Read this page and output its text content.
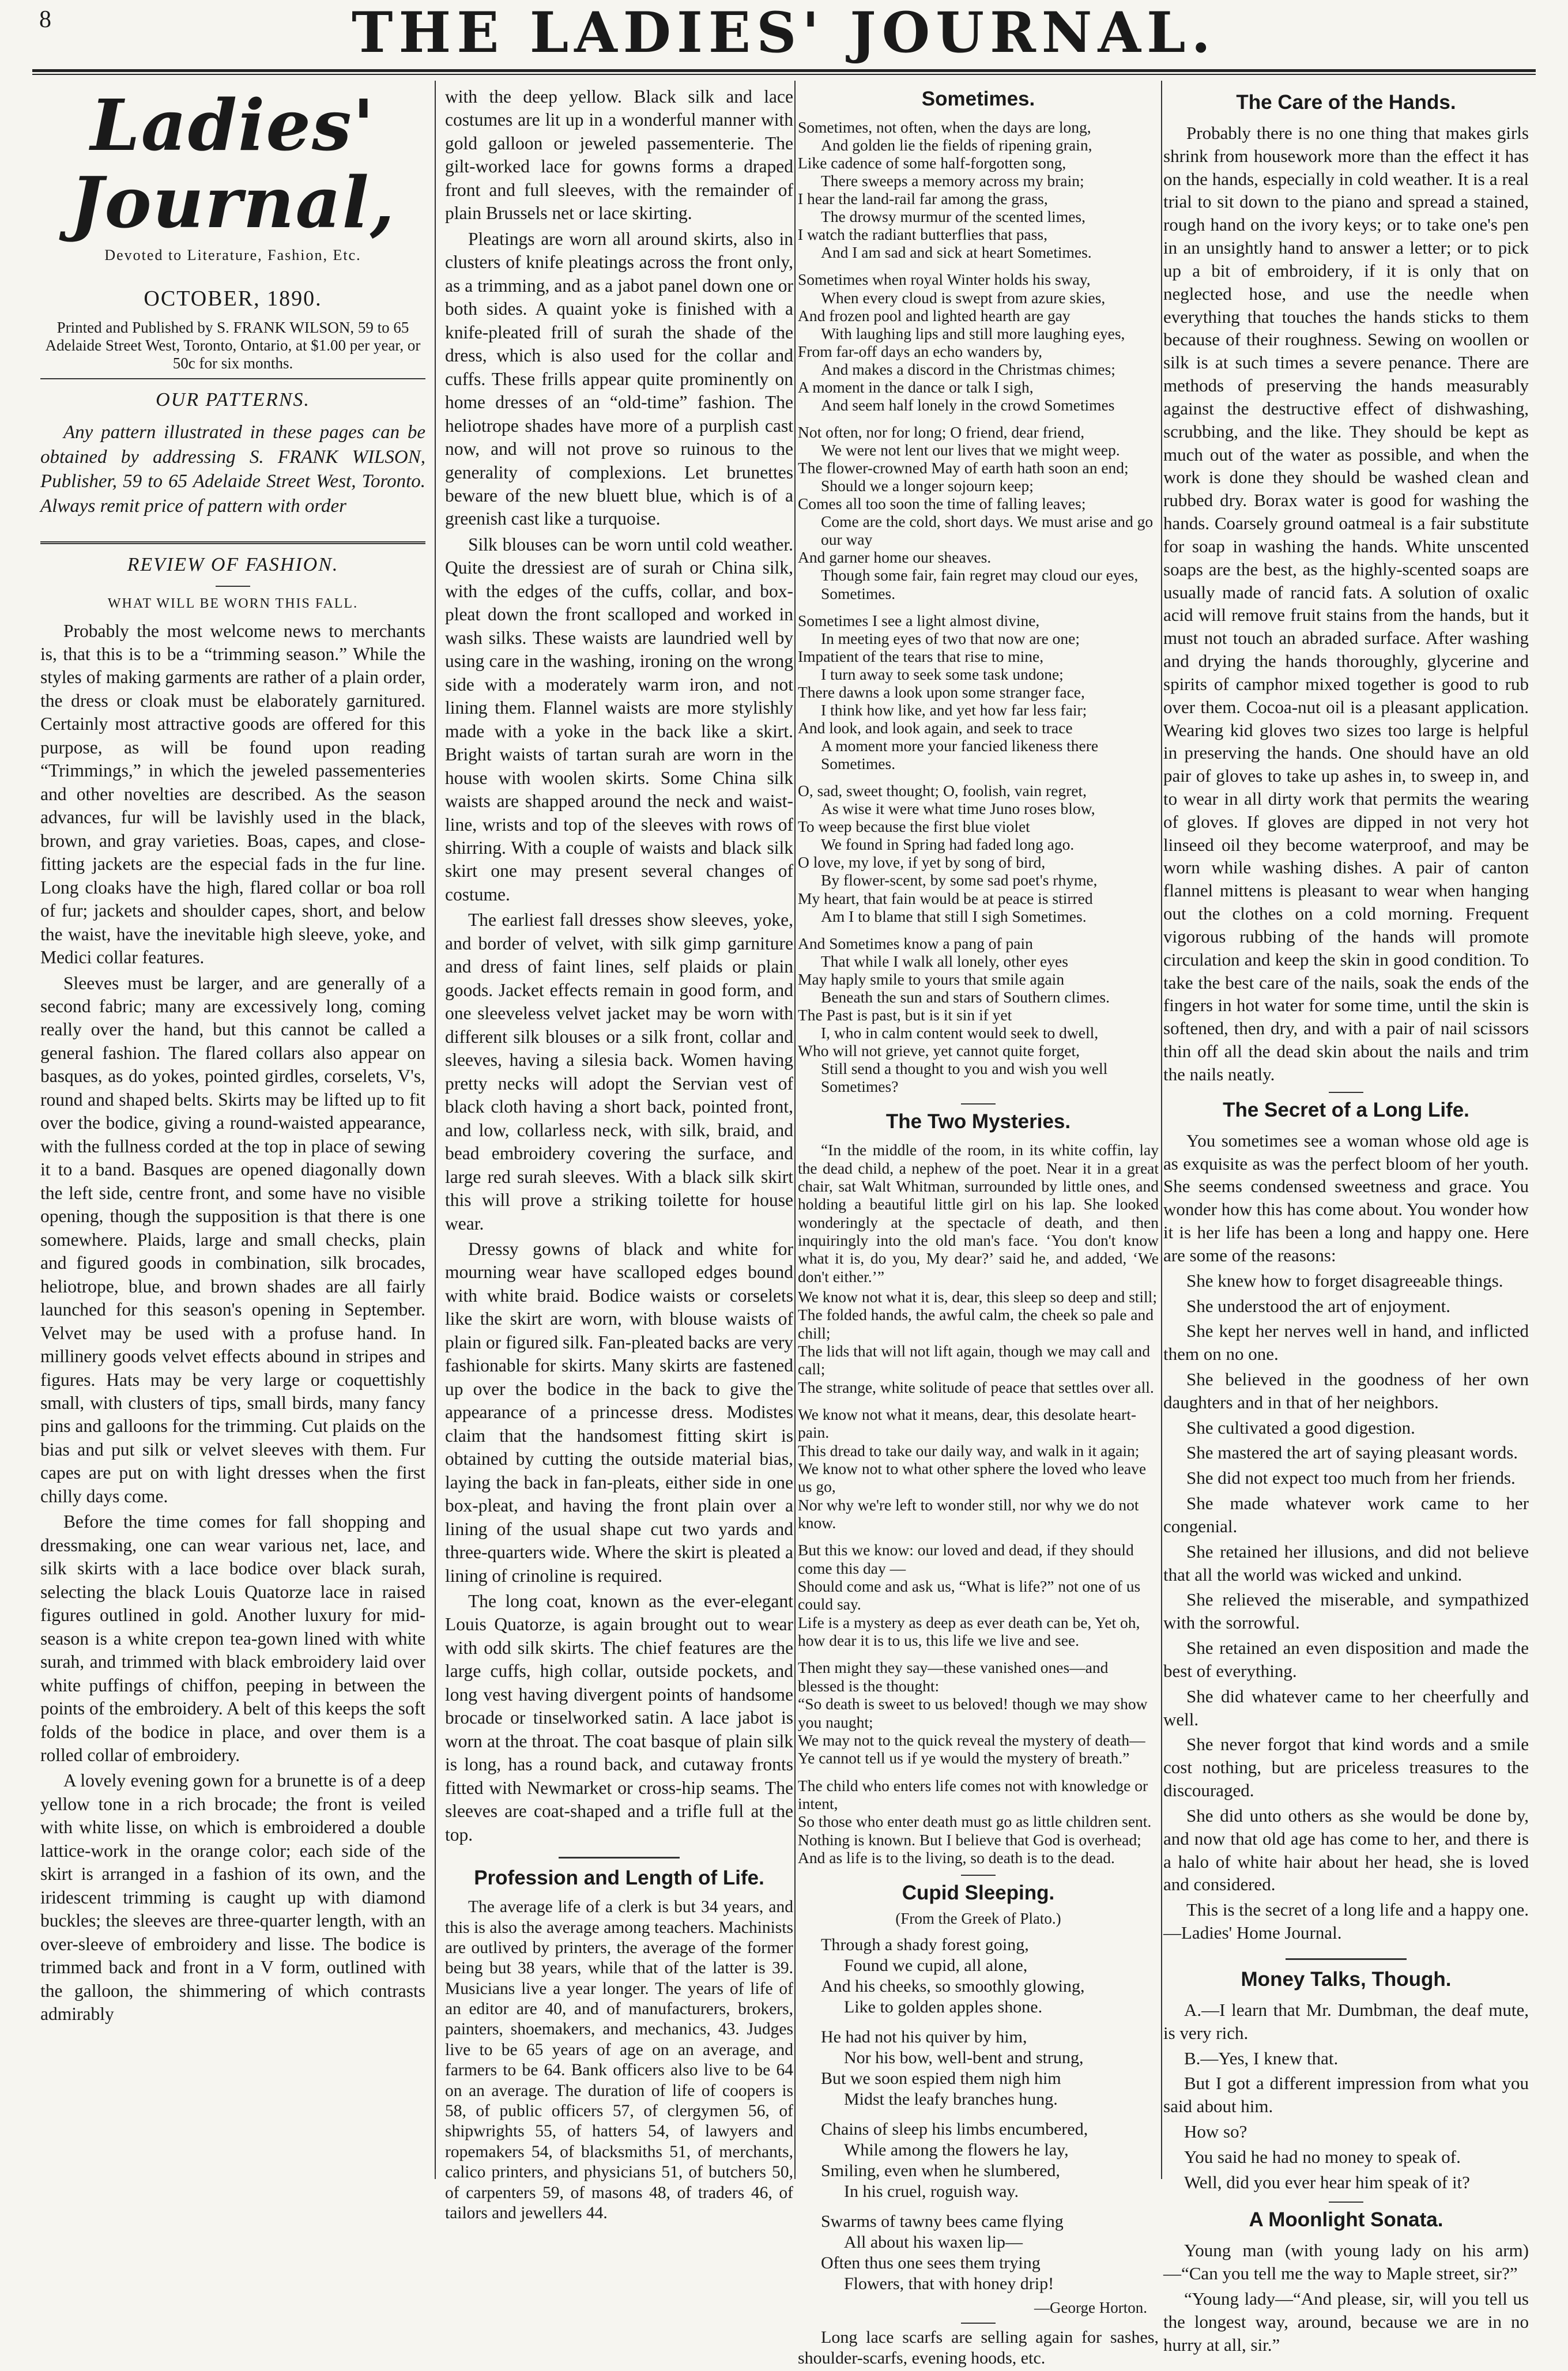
8	THE LADIES' JOURNAL.
Ladies' Journal,
Devoted to Literature, Fashion, Etc.
OCTOBER, 1890.
Printed and Published by S. FRANK WILSON, 59 to 65 Adelaide Street West, Toronto, Ontario, at $1.00 per year, or 50c for six months.
OUR PATTERNS.
Any pattern illustrated in these pages can be obtained by addressing S. FRANK WILSON, Publisher, 59 to 65 Adelaide Street West, Toronto. Always remit price of pattern with order
REVIEW OF FASHION.
WHAT WILL BE WORN THIS FALL.

Probably the most welcome news to merchants is, that this is to be a “trimming season.” While the styles of making garments are rather of a plain order, the dress or cloak must be elaborately garnitured. Certainly most attractive goods are offered for this purpose, as will be found upon reading “Trimmings,” in which the jeweled passementeries and other novelties are described. As the season advances, fur will be lavishly used in the black, brown, and gray varieties. Boas, capes, and close-fitting jackets are the especial fads in the fur line. Long cloaks have the high, flared collar or boa roll of fur; jackets and shoulder capes, short, and below the waist, have the inevitable high sleeve, yoke, and Medici collar features.

Sleeves must be larger, and are generally of a second fabric; many are excessively long, coming really over the hand, but this cannot be called a general fashion. The flared collars also appear on basques, as do yokes, pointed girdles, corselets, V's, round and shaped belts. Skirts may be lifted up to fit over the bodice, giving a round-waisted appearance, with the fullness corded at the top in place of sewing it to a band. Basques are opened diagonally down the left side, centre front, and some have no visible opening, though the supposition is that there is one somewhere. Plaids, large and small checks, plain and figured goods in combination, silk brocades, heliotrope, blue, and brown shades are all fairly launched for this season's opening in September. Velvet may be used with a profuse hand. In millinery goods velvet effects abound in stripes and figures. Hats may be very large or coquettishly small, with clusters of tips, small birds, many fancy pins and galloons for the trimming. Cut plaids on the bias and put silk or velvet sleeves with them. Fur capes are put on with light dresses when the first chilly days come.

Before the time comes for fall shopping and dressmaking, one can wear various net, lace, and silk skirts with a lace bodice over black surah, selecting the black Louis Quatorze lace in raised figures outlined in gold. Another luxury for mid-season is a white crepon tea-gown lined with white surah, and trimmed with black embroidery laid over white puffings of chiffon, peeping in between the points of the embroidery. A belt of this keeps the soft folds of the bodice in place, and over them is a rolled collar of embroidery.

A lovely evening gown for a brunette is of a deep yellow tone in a rich brocade; the front is veiled with white lisse, on which is embroidered a double lattice-work in the orange color; each side of the skirt is arranged in a fashion of its own, and the iridescent trimming is caught up with diamond buckles; the sleeves are three-quarter length, with an over-sleeve of embroidery and lisse. The bodice is trimmed back and front in a V form, outlined with the galloon, the shimmering of which contrasts admirably

with the deep yellow. Black silk and lace costumes are lit up in a wonderful manner with gold galloon or jeweled passementerie. The gilt-worked lace for gowns forms a draped front and full sleeves, with the remainder of plain Brussels net or lace skirting.

Pleatings are worn all around skirts, also in clusters of knife pleatings across the front only, as a trimming, and as a jabot panel down one or both sides. A quaint yoke is finished with a knife-pleated frill of surah the shade of the dress, which is also used for the collar and cuffs. These frills appear quite prominently on home dresses of an “old-time” fashion. The heliotrope shades have more of a purplish cast now, and will not prove so ruinous to the generality of complexions. Let brunettes beware of the new bluett blue, which is of a greenish cast like a turquoise.

Silk blouses can be worn until cold weather. Quite the dressiest are of surah or China silk, with the edges of the cuffs, collar, and box-pleat down the front scalloped and worked in wash silks. These waists are laundried well by using care in the washing, ironing on the wrong side with a moderately warm iron, and not lining them. Flannel waists are more stylishly made with a yoke in the back like a skirt. Bright waists of tartan surah are worn in the house with woolen skirts. Some China silk waists are shapped around the neck and waist-line, wrists and top of the sleeves with rows of shirring. With a couple of waists and black silk skirt one may present several changes of costume.

The earliest fall dresses show sleeves, yoke, and border of velvet, with silk gimp garniture and dress of faint lines, self plaids or plain goods. Jacket effects remain in good form, and one sleeveless velvet jacket may be worn with different silk blouses or a silk front, collar and sleeves, having a silesia back. Women having pretty necks will adopt the Servian vest of black cloth having a short back, pointed front, and low, collarless neck, with silk, braid, and bead embroidery covering the surface, and large red surah sleeves. With a black silk skirt this will prove a striking toilette for house wear.

Dressy gowns of black and white for mourning wear have scalloped edges bound with white braid. Bodice waists or corselets like the skirt are worn, with blouse waists of plain or figured silk. Fan-pleated backs are very fashionable for skirts. Many skirts are fastened up over the bodice in the back to give the appearance of a princesse dress. Modistes claim that the handsomest fitting skirt is obtained by cutting the outside material bias, laying the back in fan-pleats, either side in one box-pleat, and having the front plain over a lining of the usual shape cut two yards and three-quarters wide. Where the skirt is pleated a lining of crinoline is required.

The long coat, known as the ever-elegant Louis Quatorze, is again brought out to wear with odd silk skirts. The chief features are the large cuffs, high collar, outside pockets, and long vest having divergent points of handsome brocade or tinselworked satin. A lace jabot is worn at the throat. The coat basque of plain silk is long, has a round back, and cutaway fronts fitted with Newmarket or cross-hip seams. The sleeves are coat-shaped and a trifle full at the top.

Profession and Length of Life.

The average life of a clerk is but 34 years, and this is also the average among teachers. Machinists are outlived by printers, the average of the former being but 38 years, while that of the latter is 39. Musicians live a year longer. The years of life of an editor are 40, and of manufacturers, brokers, painters, shoemakers, and mechanics, 43. Judges live to be 65 years of age on an average, and farmers to be 64. Bank officers also live to be 64 on an average. The duration of life of coopers is 58, of public officers 57, of clergymen 56, of shipwrights 55, of hatters 54, of lawyers and ropemakers 54, of blacksmiths 51, of merchants, calico printers, and physicians 51, of butchers 50, of carpenters 59, of masons 48, of traders 46, of tailors and jewellers 44.

Sometimes.
Sometimes, not often, when the days are long,
And golden lie the fields of ripening grain,
Like cadence of some half-forgotten song,
There sweeps a memory across my brain;
I hear the land-rail far among the grass,
The drowsy murmur of the scented limes,
I watch the radiant butterflies that pass,
And I am sad and sick at heart Sometimes.
Sometimes when royal Winter holds his sway,
When every cloud is swept from azure skies,
And frozen pool and lighted hearth are gay
With laughing lips and still more laughing eyes,
From far-off days an echo wanders by,
And makes a discord in the Christmas chimes;
A moment in the dance or talk I sigh,
And seem half lonely in the crowd Sometimes
Not often, nor for long; O friend, dear friend,
We were not lent our lives that we might weep.
The flower-crowned May of earth hath soon an end;
Should we a longer sojourn keep;
Comes all too soon the time of falling leaves;
Come are the cold, short days. We must arise and go our way
And garner home our sheaves.
Though some fair, fain regret may cloud our eyes, Sometimes.
Sometimes I see a light almost divine,
In meeting eyes of two that now are one;
Impatient of the tears that rise to mine,
I turn away to seek some task undone;
There dawns a look upon some stranger face,
I think how like, and yet how far less fair;
And look, and look again, and seek to trace
A moment more your fancied likeness there Sometimes.
O, sad, sweet thought; O, foolish, vain regret,
As wise it were what time Juno roses blow,
To weep because the first blue violet
We found in Spring had faded long ago.
O love, my love, if yet by song of bird,
By flower-scent, by some sad poet's rhyme,
My heart, that fain would be at peace is stirred
Am I to blame that still I sigh Sometimes.
And Sometimes know a pang of pain
That while I walk all lonely, other eyes
May haply smile to yours that smile again
Beneath the sun and stars of Southern climes.
The Past is past, but is it sin if yet
I, who in calm content would seek to dwell,
Who will not grieve, yet cannot quite forget,
Still send a thought to you and wish you well Sometimes?
The Two Mysteries.

“In the middle of the room, in its white coffin, lay the dead child, a nephew of the poet. Near it in a great chair, sat Walt Whitman, surrounded by little ones, and holding a beautiful little girl on his lap. She looked wonderingly at the spectacle of death, and then inquiringly into the old man's face. ‘You don't know what it is, do you, My dear?’ said he, and added, ‘We don't either.’”

We know not what it is, dear, this sleep so deep and still;
The folded hands, the awful calm, the cheek so pale and chill;
The lids that will not lift again, though we may call and call;
The strange, white solitude of peace that settles over all.
We know not what it means, dear, this desolate heart-pain.
This dread to take our daily way, and walk in it again;
We know not to what other sphere the loved who leave us go,
Nor why we're left to wonder still, nor why we do not know.
But this we know: our loved and dead, if they should come this day —
Should come and ask us, “What is life?” not one of us could say.
Life is a mystery as deep as ever death can be, Yet oh, how dear it is to us, this life we live and see.
Then might they say—these vanished ones—and blessed is the thought:
“So death is sweet to us beloved! though we may show you naught;
We may not to the quick reveal the mystery of death—
Ye cannot tell us if ye would the mystery of breath.”
The child who enters life comes not with knowledge or intent,
So those who enter death must go as little children sent.
Nothing is known. But I believe that God is overhead;
And as life is to the living, so death is to the dead.
Cupid Sleeping.
(From the Greek of Plato.)
Through a shady forest going,
Found we cupid, all alone,
And his cheeks, so smoothly glowing,
Like to golden apples shone.
He had not his quiver by him,
Nor his bow, well-bent and strung,
But we soon espied them nigh him
Midst the leafy branches hung.
Chains of sleep his limbs encumbered,
While among the flowers he lay,
Smiling, even when he slumbered,
In his cruel, roguish way.
Swarms of tawny bees came flying
All about his waxen lip—
Often thus one sees them trying
Flowers, that with honey drip!
—George Horton.

Long lace scarfs are selling again for sashes, shoulder-scarfs, evening hoods, etc.

The Care of the Hands.

Probably there is no one thing that makes girls shrink from housework more than the effect it has on the hands, especially in cold weather. It is a real trial to sit down to the piano and spread a stained, rough hand on the ivory keys; or to take one's pen in an unsightly hand to answer a letter; or to pick up a bit of embroidery, if it is only that on neglected hose, and use the needle when everything that touches the hands sticks to them because of their roughness. Sewing on woollen or silk is at such times a severe penance. There are methods of preserving the hands measurably against the destructive effect of dishwashing, scrubbing, and the like. They should be kept as much out of the water as possible, and when the work is done they should be washed clean and rubbed dry. Borax water is good for washing the hands. Coarsely ground oatmeal is a fair substitute for soap in washing the hands. White unscented soaps are the best, as the highly-scented soaps are usually made of rancid fats. A solution of oxalic acid will remove fruit stains from the hands, but it must not touch an abraded surface. After washing and drying the hands thoroughly, glycerine and spirits of camphor mixed together is good to rub over them. Cocoa-nut oil is a pleasant application. Wearing kid gloves two sizes too large is helpful in preserving the hands. One should have an old pair of gloves to take up ashes in, to sweep in, and to wear in all dirty work that permits the wearing of gloves. If gloves are dipped in not very hot linseed oil they become waterproof, and may be worn while washing dishes. A pair of canton flannel mittens is pleasant to wear when hanging out the clothes on a cold morning. Frequent vigorous rubbing of the hands will promote circulation and keep the skin in good condition. To take the best care of the nails, soak the ends of the fingers in hot water for some time, until the skin is softened, then dry, and with a pair of nail scissors thin off all the dead skin about the nails and trim the nails neatly.

The Secret of a Long Life.

You sometimes see a woman whose old age is as exquisite as was the perfect bloom of her youth. She seems condensed sweetness and grace. You wonder how this has come about. You wonder how it is her life has been a long and happy one. Here are some of the reasons:

She knew how to forget disagreeable things.

She understood the art of enjoyment.

She kept her nerves well in hand, and inflicted them on no one.

She believed in the goodness of her own daughters and in that of her neighbors.

She cultivated a good digestion.

She mastered the art of saying pleasant words.

She did not expect too much from her friends.

She made whatever work came to her congenial.

She retained her illusions, and did not believe that all the world was wicked and unkind.

She relieved the miserable, and sympathized with the sorrowful.

She retained an even disposition and made the best of everything.

She did whatever came to her cheerfully and well.

She never forgot that kind words and a smile cost nothing, but are priceless treasures to the discouraged.

She did unto others as she would be done by, and now that old age has come to her, and there is a halo of white hair about her head, she is loved and considered.

This is the secret of a long life and a happy one.—Ladies' Home Journal.

Money Talks, Though.

A.—I learn that Mr. Dumbman, the deaf mute, is very rich.

B.—Yes, I knew that.

But I got a different impression from what you said about him.

How so?

You said he had no money to speak of.

Well, did you ever hear him speak of it?

A Moonlight Sonata.

Young man (with young lady on his arm) —“Can you tell me the way to Maple street, sir?”

“Young lady—“And please, sir, will you tell us the longest way, around, because we are in no hurry at all, sir.”
